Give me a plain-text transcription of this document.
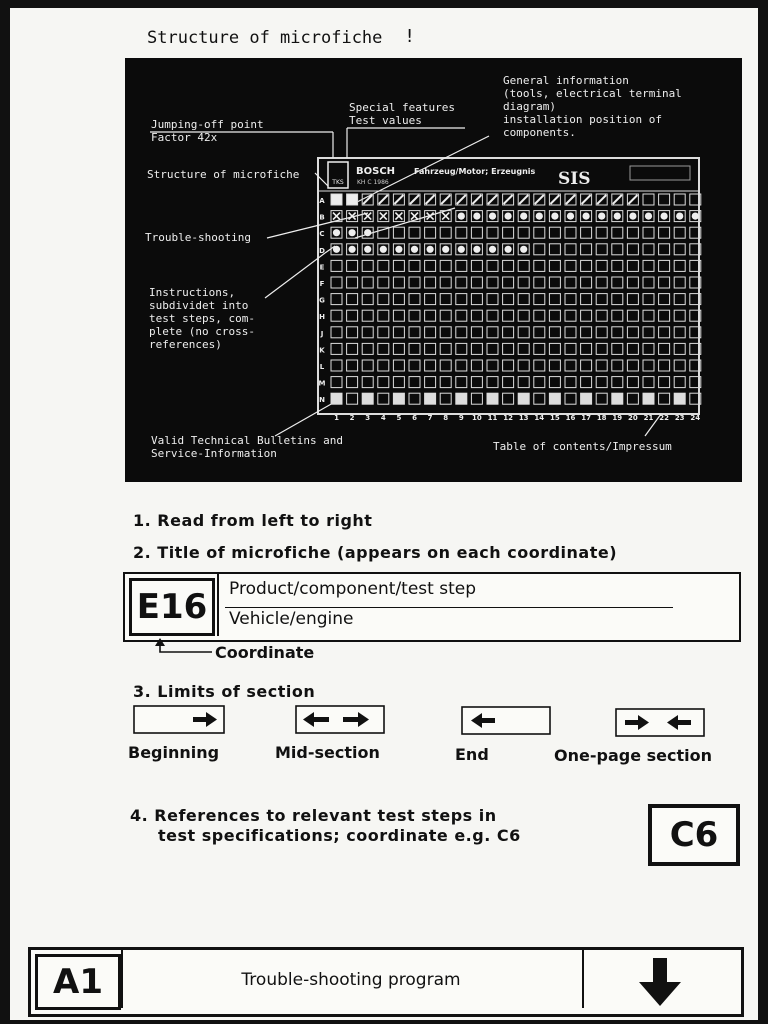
Structure of microfiche !
TKS
BOSCH
KH C 1986
Fahrzeug/Motor; Erzeugnis SIS
A
B
C
D
E
F
G
H
J
K
L
M
N
1 2 3 4 5 6 7 8 9 10 11 12 13 14 15 16 17 18 19 20 21 22 23 24
Jumping-off point
Factor 42x
Special features
Test values
General information
(tools, electrical terminal
diagram)
installation position of
components.
Structure of microfiche
Trouble-shooting
Instructions,
subdividet into
test steps, com-
plete (no cross-
references)
Valid Technical Bulletins and
Service-Information
Table of contents/Impressum
1. Read from left to right
2. Title of microfiche (appears on each coordinate)
E16	Product/component/test step
Vehicle/engine
Coordinate
3. Limits of section
Beginning	Mid-section	End	One-page section
4. References to relevant test steps in
test specifications; coordinate e.g. C6	C6
A1	Trouble-shooting program
